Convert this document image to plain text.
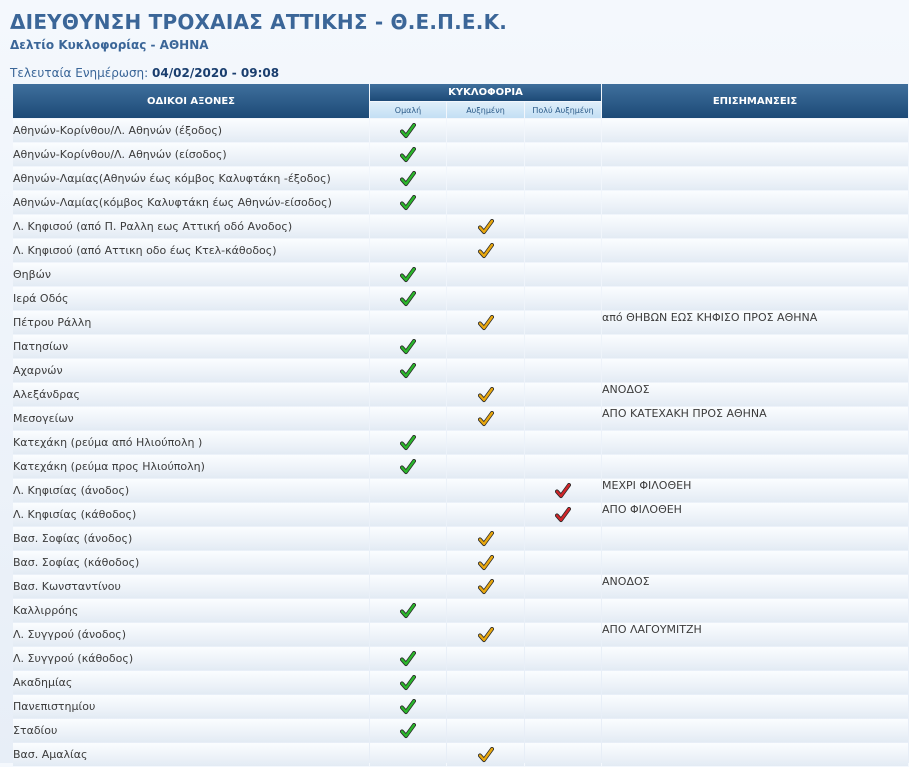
ΔΙΕΥΘΥΝΣΗ ΤΡΟΧΑΙΑΣ ΑΤΤΙΚΗΣ - Θ.Ε.Π.Ε.Κ.
Δελτίο Κυκλοφορίας - ΑΘΗΝΑ
Τελευταία Ενημέρωση: 04/02/2020 - 09:08
ΟΔΙΚΟΙ ΑΞΟΝΕΣ	ΚΥΚΛΟΦΟΡΙΑ			ΕΠΙΣΗΜΑΝΣΕΙΣ
	Ομαλή	Αυξημένη	Πολύ Αυξημένη	
Αθηνών-Κορίνθου/Λ. Αθηνών (έξοδος)	

Αθηνών-Κορίνθου/Λ. Αθηνών (είσοδος)	

Αθηνών-Λαμίας(Αθηνών έως κόμβος Καλυφτάκη -έξοδος)	

Αθηνών-Λαμίας(κόμβος Καλυφτάκη έως Αθηνών-είσοδος)	

Λ. Κηφισού (από Π. Ραλλη εως Αττική οδό Ανοδος)		

Λ. Κηφισού (από Αττικη οδο έως Κτελ-κάθοδος)		

Θηβών	

Ιερά Οδός	

Πέτρου Ράλλη				από ΘΗΒΩΝ ΕΩΣ ΚΗΦΙΣΟ ΠΡΟΣ ΑΘΗΝΑ
Πατησίων	

Αχαρνών	

Αλεξάνδρας				ΑΝΟΔΟΣ
Μεσογείων				ΑΠΟ ΚΑΤΕΧΑΚΗ ΠΡΟΣ ΑΘΗΝΑ
Κατεχάκη (ρεύμα από Ηλιούπολη )	

Κατεχάκη (ρεύμα προς Ηλιούπολη)	

Λ. Κηφισίας (άνοδος)				ΜΕΧΡΙ ΦΙΛΟΘΕΗ
Λ. Κηφισίας (κάθοδος)				ΑΠΟ ΦΙΛΟΘΕΗ
Βασ. Σοφίας (άνοδος)		

Βασ. Σοφίας (κάθοδος)		

Βασ. Κωνσταντίνου				ΑΝΟΔΟΣ
Καλλιρρόης	

Λ. Συγγρού (άνοδος)				ΑΠΟ ΛΑΓΟΥΜΙΤΖΗ
Λ. Συγγρού (κάθοδος)	

Ακαδημίας	

Πανεπιστημίου	

Σταδίου	

Βασ. Αμαλίας		
